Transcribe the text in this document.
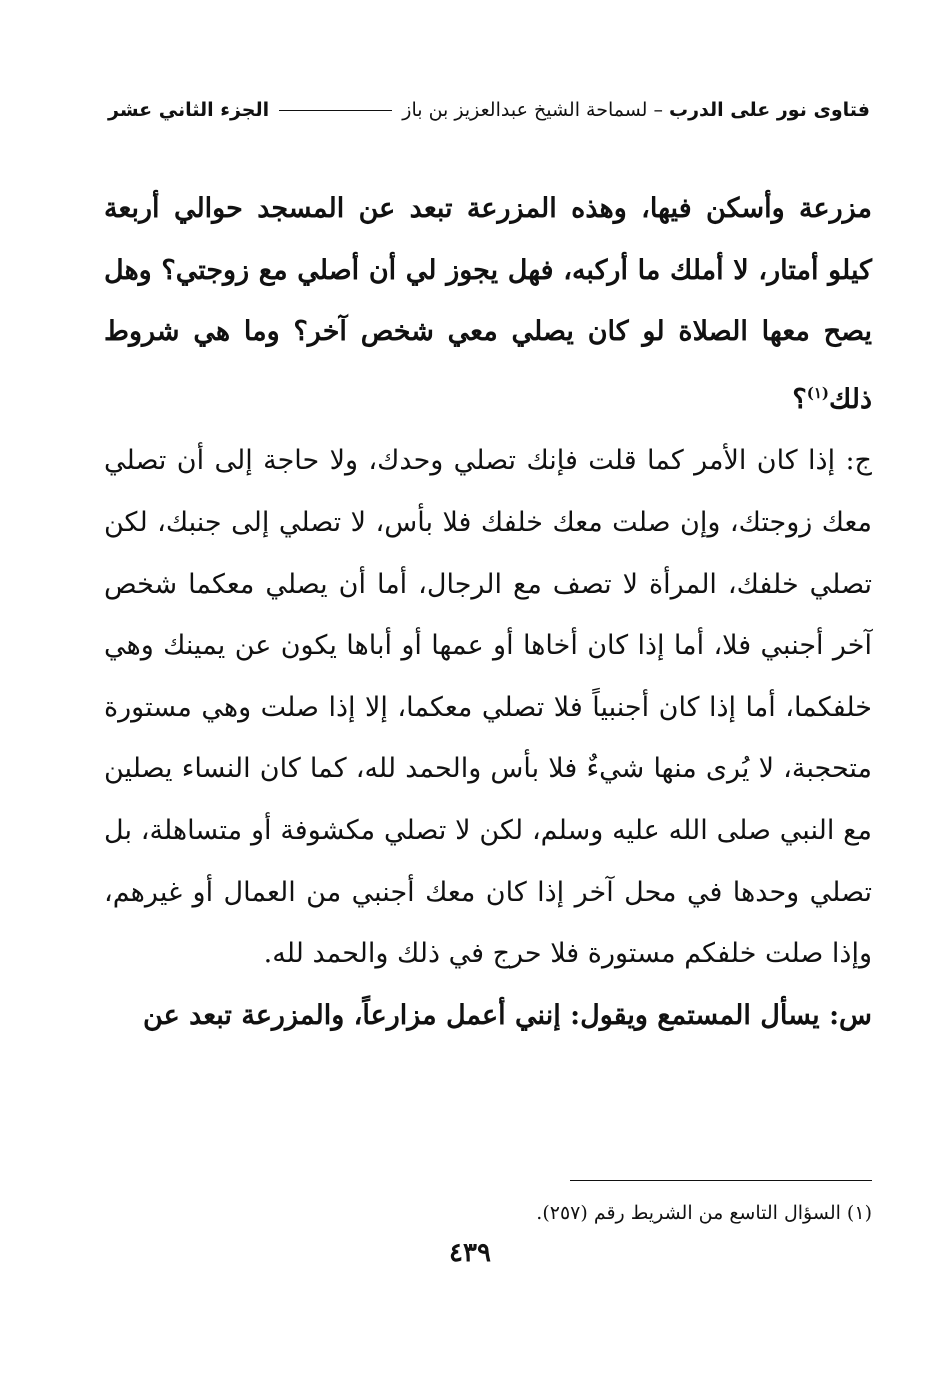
فتاوى نور على الدرب
– لسماحة الشيخ عبدالعزيز بن باز
الجزء الثاني عشر

مزرعة وأسكن فيها، وهذه المزرعة تبعد عن المسجد حوالي أربعة كيلو أمتار، لا أملك ما أركبه، فهل يجوز لي أن أصلي مع زوجتي؟ وهل يصح معها الصلاة لو كان يصلي معي شخص آخر؟ وما هي شروط ذلك$^{(١)}$؟

ج: إذا كان الأمر كما قلت فإنك تصلي وحدك، ولا حاجة إلى أن تصلي معك زوجتك، وإن صلت معك خلفك فلا بأس، لا تصلي إلى جنبك، لكن تصلي خلفك، المرأة لا تصف مع الرجال، أما أن يصلي معكما شخص آخر أجنبي فلا، أما إذا كان أخاها أو عمها أو أباها يكون عن يمينك وهي خلفكما، أما إذا كان أجنبياً فلا تصلي معكما، إلا إذا صلت وهي مستورة متحجبة، لا يُرى منها شيءٌ فلا بأس والحمد لله، كما كان النساء يصلين مع النبي صلى الله عليه وسلم، لكن لا تصلي مكشوفة أو متساهلة، بل تصلي وحدها في محل آخر إذا كان معك أجنبي من العمال أو غيرهم، وإذا صلت خلفكم مستورة فلا حرج في ذلك والحمد لله.

س: يسأل المستمع ويقول: إنني أعمل مزارعاً، والمزرعة تبعد عن

(١) السؤال التاسع من الشريط رقم (٢٥٧).
٤٣٩
